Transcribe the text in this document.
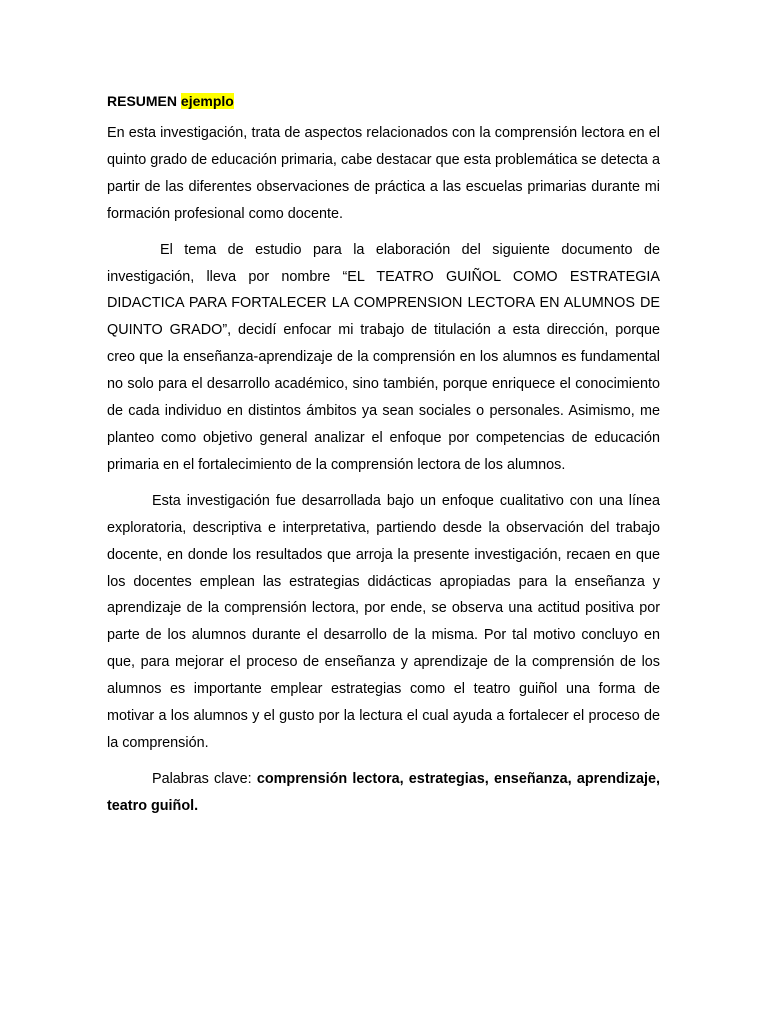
RESUMEN ejemplo

En esta investigación, trata de aspectos relacionados con la comprensión lectora en el quinto grado de educación primaria, cabe destacar que esta problemática se detecta a partir de las diferentes observaciones de práctica a las escuelas primarias durante mi formación profesional como docente.

El tema de estudio para la elaboración del siguiente documento de investigación, lleva por nombre “EL TEATRO GUIÑOL COMO ESTRATEGIA DIDACTICA PARA FORTALECER LA COMPRENSION LECTORA EN ALUMNOS DE QUINTO GRADO”, decidí enfocar mi trabajo de titulación a esta dirección, porque creo que la enseñanza-aprendizaje de la comprensión en los alumnos es fundamental no solo para el desarrollo académico, sino también, porque enriquece el conocimiento de cada individuo en distintos ámbitos ya sean sociales o personales. Asimismo, me planteo como objetivo general analizar el enfoque por competencias de educación primaria en el fortalecimiento de la comprensión lectora de los alumnos.

Esta investigación fue desarrollada bajo un enfoque cualitativo con una línea exploratoria, descriptiva e interpretativa, partiendo desde la observación del trabajo docente, en donde los resultados que arroja la presente investigación, recaen en que los docentes emplean las estrategias didácticas apropiadas para la enseñanza y aprendizaje de la comprensión lectora, por ende, se observa una actitud positiva por parte de los alumnos durante el desarrollo de la misma. Por tal motivo concluyo en que, para mejorar el proceso de enseñanza y aprendizaje de la comprensión de los alumnos es importante emplear estrategias como el teatro guiñol una forma de motivar a los alumnos y el gusto por la lectura el cual ayuda a fortalecer el proceso de la comprensión.

Palabras clave: comprensión lectora, estrategias, enseñanza, aprendizaje, teatro guiñol.
